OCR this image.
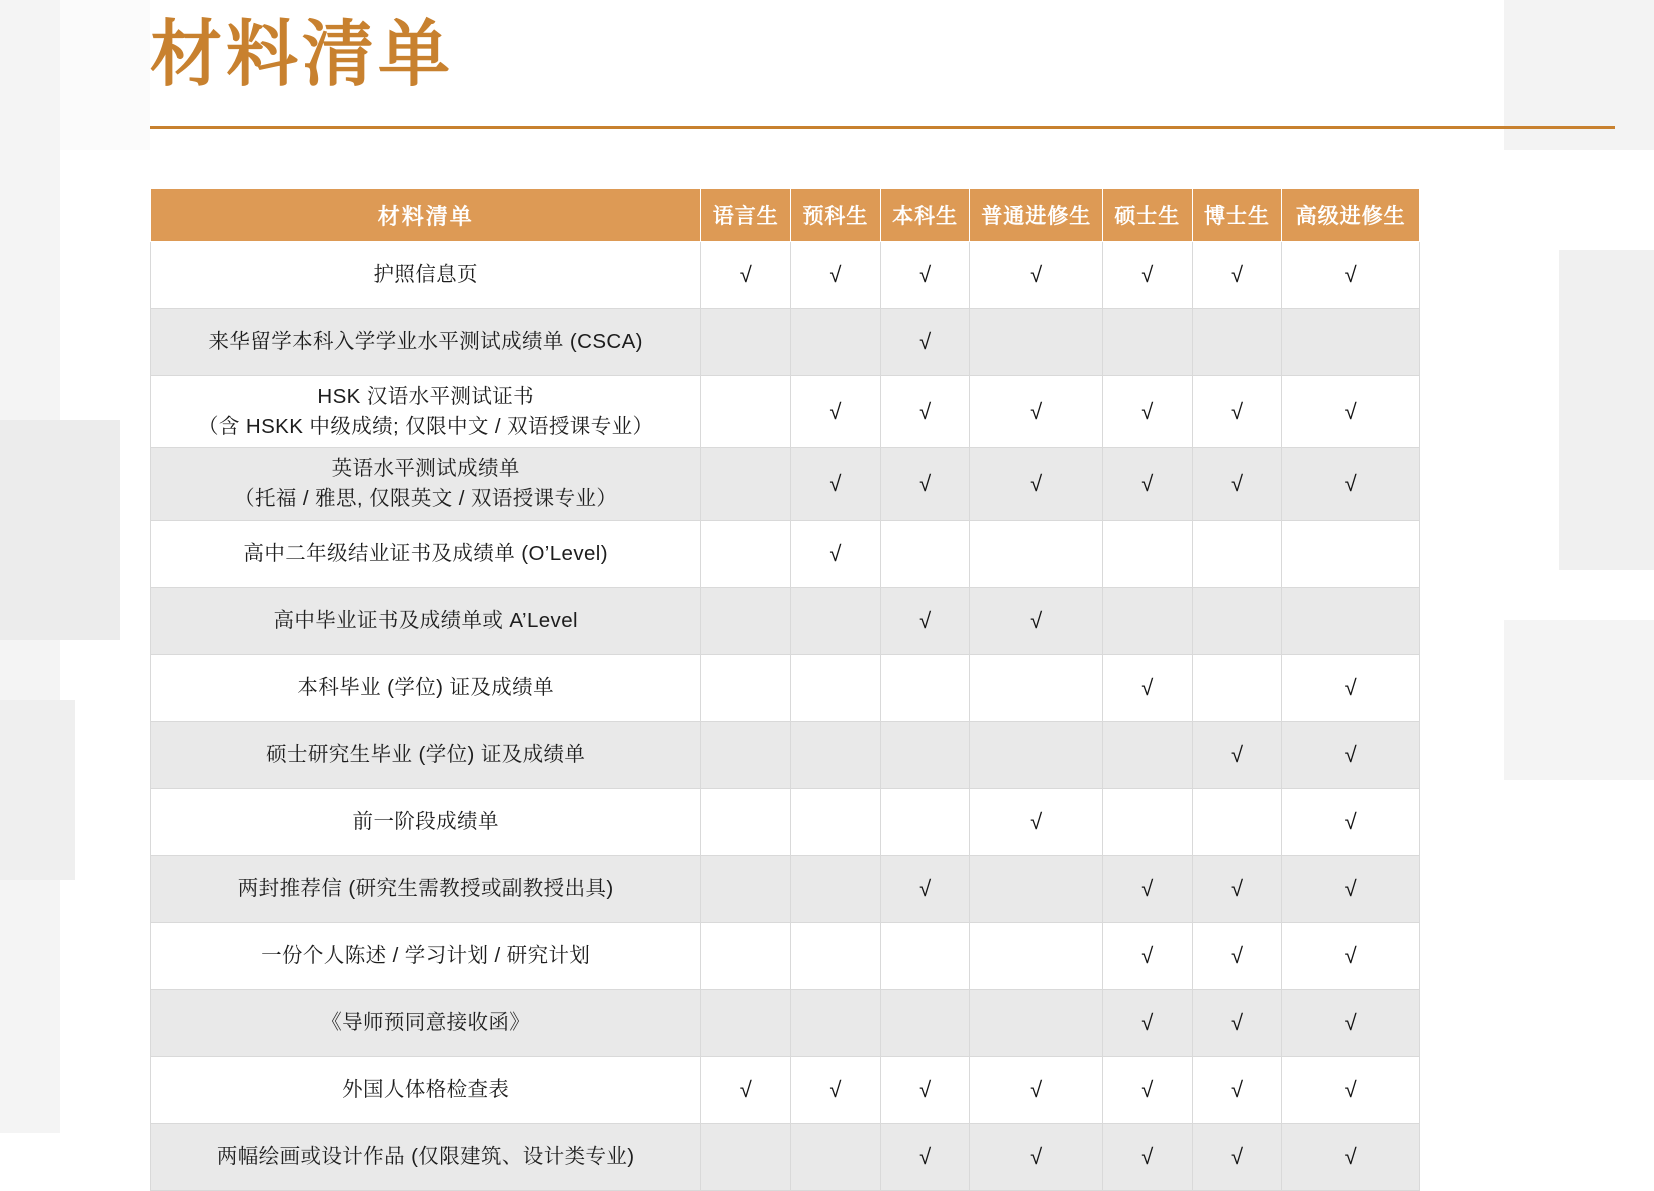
材料清单
材料清单	语言生	预科生	本科生	普通进修生	硕士生	博士生	高级进修生

护照信息页	√	√	√	√	√	√	√

来华留学本科入学学业水平测试成绩单 (CSCA)			√				

HSK 汉语水平测试证书
（含 HSKK 中级成绩; 仅限中文 / 双语授课专业）		√	√	√	√	√	√

英语水平测试成绩单
（托福 / 雅思, 仅限英文 / 双语授课专业）		√	√	√	√	√	√

高中二年级结业证书及成绩单 (O’Level)		√					

高中毕业证书及成绩单或 A’Level			√	√			

本科毕业 (学位) 证及成绩单					√		√

硕士研究生毕业 (学位) 证及成绩单						√	√

前一阶段成绩单				√			√

两封推荐信 (研究生需教授或副教授出具)			√		√	√	√

一份个人陈述 / 学习计划 / 研究计划					√	√	√

《导师预同意接收函》					√	√	√

外国人体格检查表	√	√	√	√	√	√	√

两幅绘画或设计作品 (仅限建筑、设计类专业)			√	√	√	√	√
